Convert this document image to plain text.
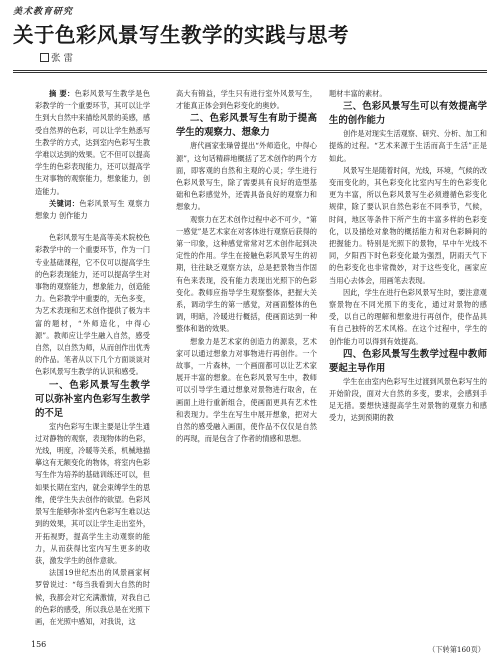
美术教育研究
关于色彩风景写生教学的实践与思考
张 雷

摘 要：色彩风景写生教学是色彩教学的一个重要环节，其可以让学生到大自然中来描绘风景的美感，感受自然界的色彩，可以让学生熟悉写生教学的方式，达到室内色彩写生教学难以达到的效果。它不但可以提高学生的色彩表现能力，还可以提高学生对事物的观察能力，想象能力，创造能力。

关键词：色彩风景写生 观察力 想象力 创作能力

色彩风景写生是高等美术院校色彩教学中的一个重要环节，作为一门专业基础课程，它不仅可以提高学生的色彩表现能力，还可以提高学生对事物的观察能力，想象能力，创造能力。色彩教学中重要的，无色多变，为艺术表现和艺术创作提供了极为丰富的题材，“外师造化，中得心源”。教师应让学生融入自然，感受自然，以自然为师，从而创作出优秀的作品。笔者从以下几个方面谈谈对色彩风景写生教学的认识和感受。

一、色彩风景写生教学可以弥补室内色彩写生教学的不足

室内色彩写生课主要是让学生通过对静物的观察，表现物体的色彩，光线，明度，冷暖等关系，机械地描摹这有无额变化的物体，将室内色彩写生作为培养的基础训练还可以，但如果长期在室内，就会束缚学生的思维，使学生失去创作的欲望。色彩风景写生能够弥补室内色彩写生难以达到的效果，其可以让学生走出室外，开拓视野，提高学生主动观察的能力，从而获得比室内写生更多的收获，激发学生的创作意欲。

法国19世纪杰出的风景画家柯罗曾说过：“每当我看到大自然的时候，我都会对它充满激情，对我自己的色彩的感受，所以我总是在光照下画，在光照中感知，对我说，这

高大有锦益，学生只有进行室外风景写生，才能真正体会到色彩变化的奥妙。

二、色彩风景写生有助于提高学生的观察力、想象力

唐代画家张璪曾提出“外师造化，中得心源”，这句话精辟地概括了艺术创作的两个方面，即客观的自然和主观的心灵；学生进行色彩风景写生，除了需要具有良好的造型基础和色彩感觉外，还需具备良好的观察力和想象力。

观察力在艺术创作过程中必不可少，“第一感觉”是艺术家在对客体进行观察后获得的第一印象，这种感觉常常对艺术创作起到决定性的作用。学生在接触色彩风景写生的初期，往往缺乏观察方法，总是把景物当作固有色来表现，没有能力表现出光照下的色彩变化。教师应指导学生观察整体，把握大关系，调动学生的第一感觉，对画面整体的色调，明暗，冷暖进行概括，使画面达到一种整体和谐的效果。

想象力是艺术家的创造力的源泉，艺术家可以通过想象力对事物进行再创作。一个故事，一片森林，一个画面都可以让艺术家展开丰富的想象。在色彩风景写生中，教师可以引导学生通过想象对景物进行取舍，在画面上进行重新组合，使画面更具有艺术性和表现力。学生在写生中展开想象，把对大自然的感受融入画面，使作品不仅仅是自然的再现，而是包含了作者的情感和思想。

题材丰富的素材。

三、色彩风景写生可以有效提高学生的创作能力

创作是对现实生活观察、研究、分析、加工和提炼的过程。“艺术来源于生活而高于生活”正是如此。

风景写生是随着时间，光线，环境，气候的改变而变化的，其色彩变化比室内写生的色彩变化更为丰富，所以色彩风景写生必须遵循色彩变化规律，除了要认识自然色彩在不同季节，气候，时间，地区等条件下所产生的丰富多样的色彩变化，以及描绘对象物的概括能力和对色彩瞬间的把握能力。特别是光照下的景物，早中午光线不同，夕阳西下时色彩变化最为强烈，阴雨天气下的色彩变化也非常微妙，对于这些变化，画家应当用心去体会，用画笔去表现。

因此，学生在进行色彩风景写生时，要注意观察景物在不同光照下的变化，通过对景物的感受，以自己的理解和想象进行再创作，使作品具有自己独特的艺术风格。在这个过程中，学生的创作能力可以得到有效提高。

四、色彩风景写生教学过程中教师要起主导作用

学生在由室内色彩写生过渡到风景色彩写生的开始阶段，面对大自然的多变，要求，会感到手足无措。要想快速提高学生对景物的观察力和感受力，达到预期的教

156
（下转第160页）
